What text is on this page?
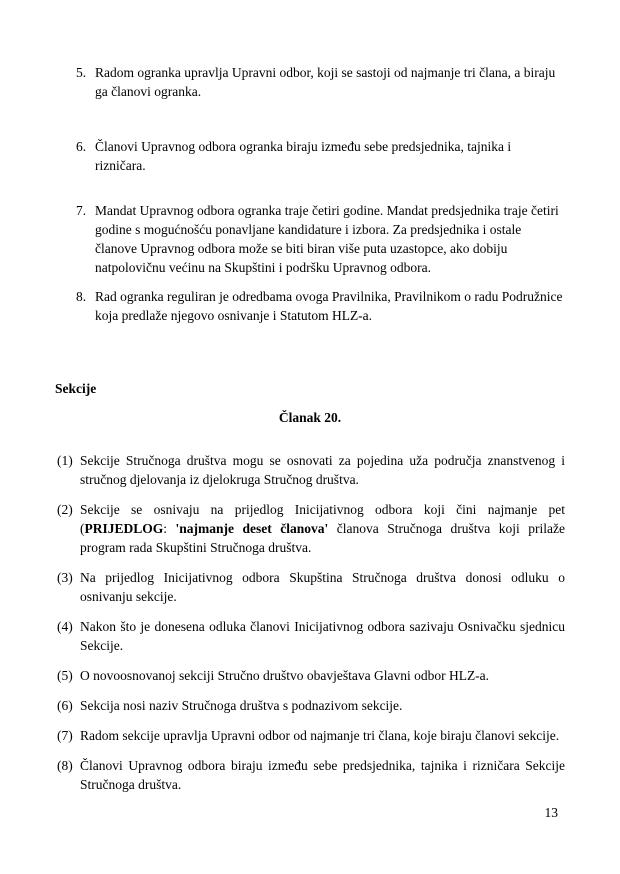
5. Radom ogranka upravlja Upravni odbor, koji se sastoji od najmanje tri člana, a biraju ga članovi ogranka.
6. Članovi Upravnog odbora ogranka biraju između sebe predsjednika, tajnika i rizničara.
7. Mandat Upravnog odbora ogranka traje četiri godine. Mandat predsjednika traje četiri godine s mogućnošću ponavljane kandidature i izbora. Za predsjednika i ostale članove Upravnog odbora može se biti biran više puta uzastopce, ako dobiju natpolovičnu većinu na Skupštini i podršku Upravnog odbora.
8. Rad ogranka reguliran je odredbama ovoga Pravilnika, Pravilnikom o radu Podružnice koja predlaže njegovo osnivanje i Statutom HLZ-a.
Sekcije
Članak 20.
(1) Sekcije Stručnoga društva mogu se osnovati za pojedina uža područja znanstvenog i stručnog djelovanja iz djelokruga Stručnog društva.
(2) Sekcije se osnivaju na prijedlog Inicijativnog odbora koji čini najmanje pet (PRIJEDLOG: 'najmanje deset članova' članova Stručnoga društva koji prilaže program rada Skupštini Stručnoga društva.
(3) Na prijedlog Inicijativnog odbora Skupština Stručnoga društva donosi odluku o osnivanju sekcije.
(4) Nakon što je donesena odluka članovi Inicijativnog odbora sazivaju Osnivačku sjednicu Sekcije.
(5) O novoosnovanoj sekciji Stručno društvo obavještava Glavni odbor HLZ-a.
(6) Sekcija nosi naziv Stručnoga društva s podnazivom sekcije.
(7) Radom sekcije upravlja Upravni odbor od najmanje tri člana, koje biraju članovi sekcije.
(8) Članovi Upravnog odbora biraju između sebe predsjednika, tajnika i rizničara Sekcije Stručnoga društva.
13
